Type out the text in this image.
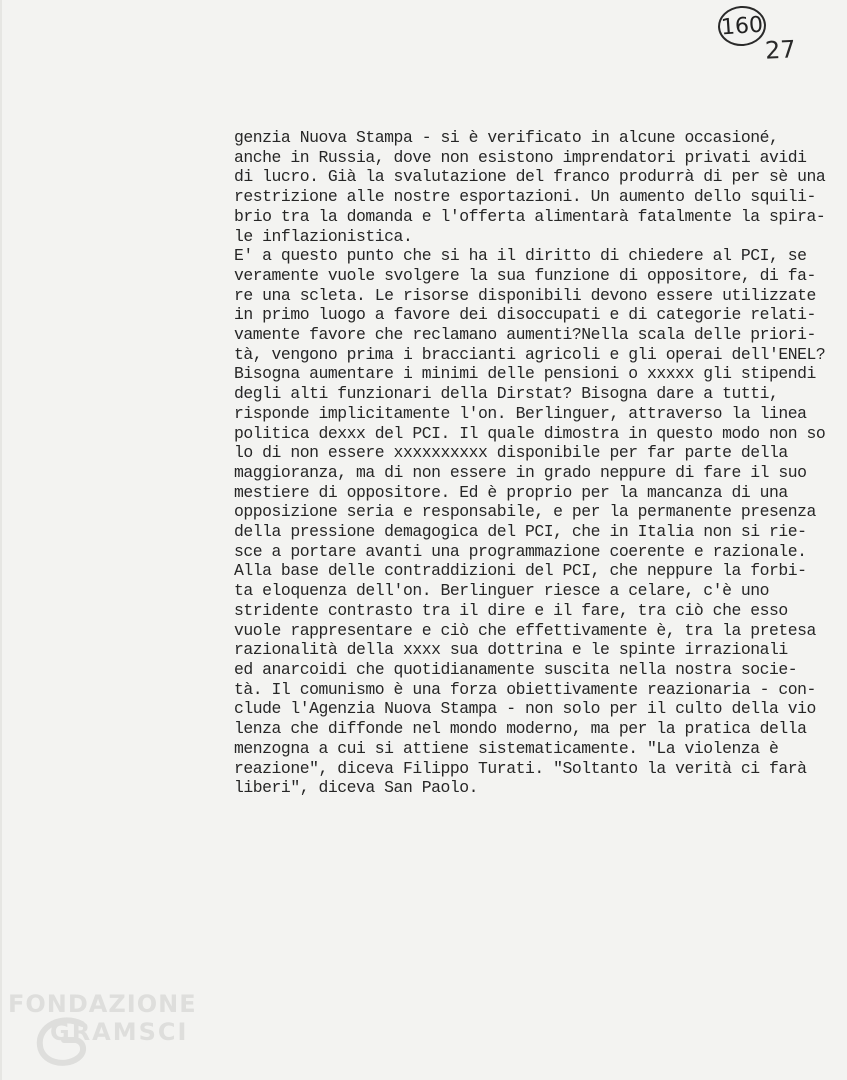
160
27
genzia Nuova Stampa - si è verificato in alcune occasioné,
anche in Russia, dove non esistono imprendatori privati avidi
di lucro. Già la svalutazione del franco produrrà di per sè una
restrizione alle nostre esportazioni. Un aumento dello squili-
brio tra la domanda e l'offerta alimentarà fatalmente la spira-
le inflazionistica.
E' a questo punto che si ha il diritto di chiedere al PCI, se
veramente vuole svolgere la sua funzione di oppositore, di fa-
re una scleta. Le risorse disponibili devono essere utilizzate
in primo luogo a favore dei disoccupati e di categorie relati-
vamente favore che reclamano aumenti?Nella scala delle priori-
tà, vengono prima i braccianti agricoli e gli operai dell'ENEL?
Bisogna aumentare i minimi delle pensioni o xxxxx gli stipendi
degli alti funzionari della Dirstat? Bisogna dare a tutti,
risponde implicitamente l'on. Berlinguer, attraverso la linea
politica dexxx del PCI. Il quale dimostra in questo modo non so
lo di non essere xxxxxxxxxx disponibile per far parte della
maggioranza, ma di non essere in grado neppure di fare il suo
mestiere di oppositore. Ed è proprio per la mancanza di una
opposizione seria e responsabile, e per la permanente presenza
della pressione demagogica del PCI, che in Italia non si rie-
sce a portare avanti una programmazione coerente e razionale.
Alla base delle contraddizioni del PCI, che neppure la forbi-
ta eloquenza dell'on. Berlinguer riesce a celare, c'è uno
stridente contrasto tra il dire e il fare, tra ciò che esso
vuole rappresentare e ciò che effettivamente è, tra la pretesa
razionalità della xxxx sua dottrina e le spinte irrazionali
ed anarcoidi che quotidianamente suscita nella nostra socie-
tà. Il comunismo è una forza obiettivamente reazionaria - con-
clude l'Agenzia Nuova Stampa - non solo per il culto della vio
lenza che diffonde nel mondo moderno, ma per la pratica della
menzogna a cui si attiene sistematicamente. "La violenza è
reazione", diceva Filippo Turati. "Soltanto la verità ci farà
liberi", diceva San Paolo.
FONDAZIONE
GRAMSCI
